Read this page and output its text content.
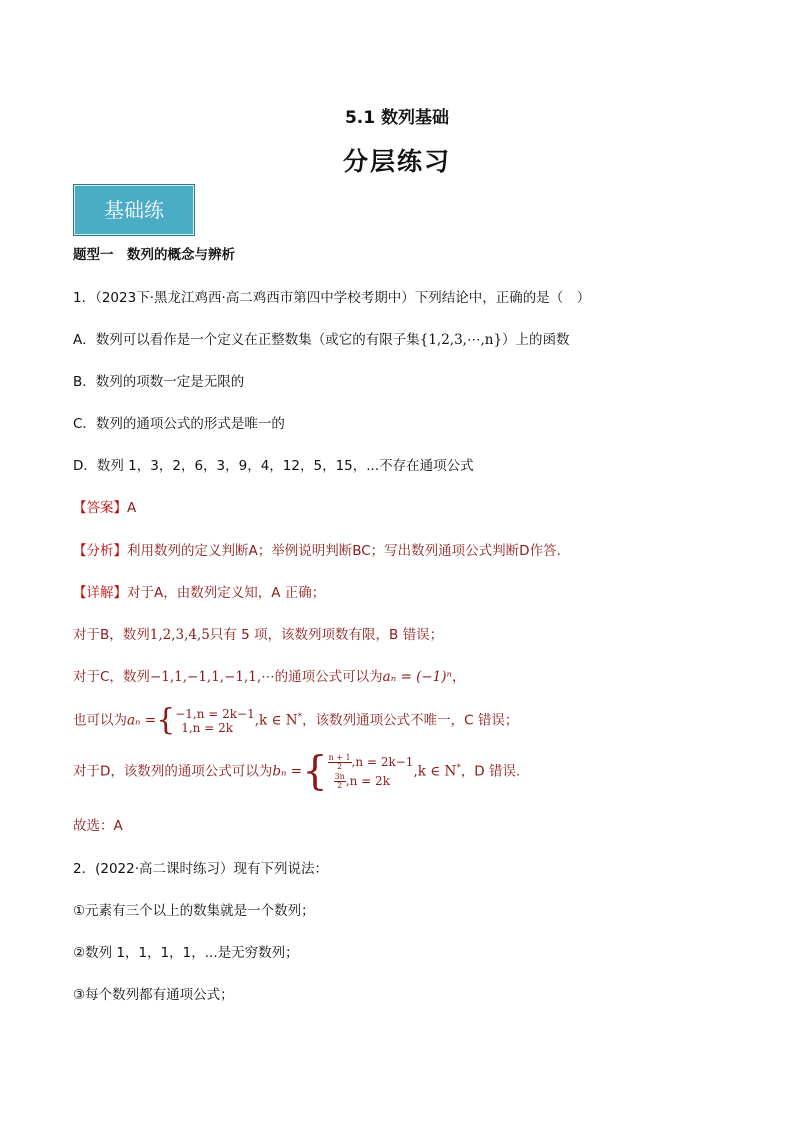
5.1 数列基础
分层练习
基础练
题型一　数列的概念与辨析
1．（2023下·黑龙江鸡西·高二鸡西市第四中学校考期中）下列结论中，正确的是（　）
A．数列可以看作是一个定义在正整数集（或它的有限子集{1,2,3,⋯,n}）上的函数
B．数列的项数一定是无限的
C．数列的通项公式的形式是唯一的
D．数列 1，3，2，6，3，9，4，12，5，15，...不存在通项公式
【答案】A
【分析】利用数列的定义判断A；举例说明判断BC；写出数列通项公式判断D作答.
【详解】对于A，由数列定义知，A 正确；
对于B，数列1,2,3,4,5只有 5 项，该数列项数有限，B 错误；
对于C，数列−1,1,−1,1,−1,1,⋯的通项公式可以为aₙ = (−1)ⁿ，
也可以为aₙ ={ −1,n = 2k−1
1,n = 2k	,k ∈ N*，该数列通项公式不唯一，C 错误；
对于D，该数列的通项公式可以为bₙ ={ $\frac{n + 1}{2} ,n = 2k-1$
$\frac{3n}{2} ,n = 2k$
,k ∈ N*，D 错误.
故选：A
2．(2022·高二课时练习）现有下列说法：
①元素有三个以上的数集就是一个数列；
②数列 1，1，1，1，...是无穷数列；
③每个数列都有通项公式；
